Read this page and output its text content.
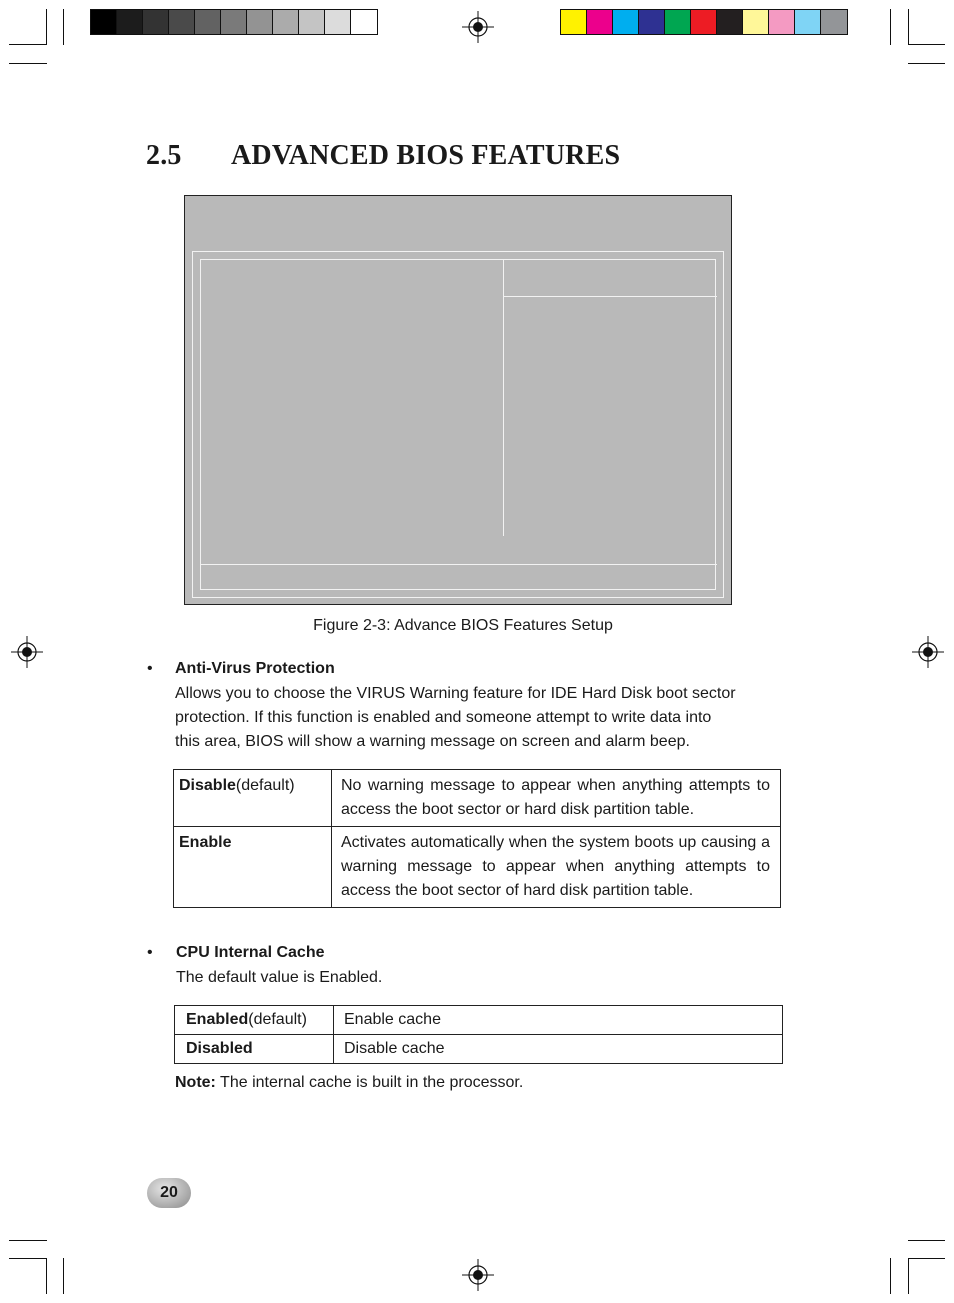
2.5 ADVANCED BIOS FEATURES
Figure 2-3: Advance BIOS Features Setup
• Anti-Virus Protection
Allows you to choose the VIRUS Warning feature for IDE Hard Disk boot sector
protection. If this function is enabled and someone attempt to write data into
this area, BIOS will show a warning message on screen and alarm beep.
Disable(default)	No warning message to appear when anything attempts to access the boot sector or hard disk partition table.
Enable	Activates automatically when the system boots up causing a warning message to appear when anything attempts to access the boot sector of hard disk partition table.
• CPU Internal Cache
The default value is Enabled.
Enabled(default)	Enable cache
Disabled	Disable cache
Note: The internal cache is built in the processor.
20
